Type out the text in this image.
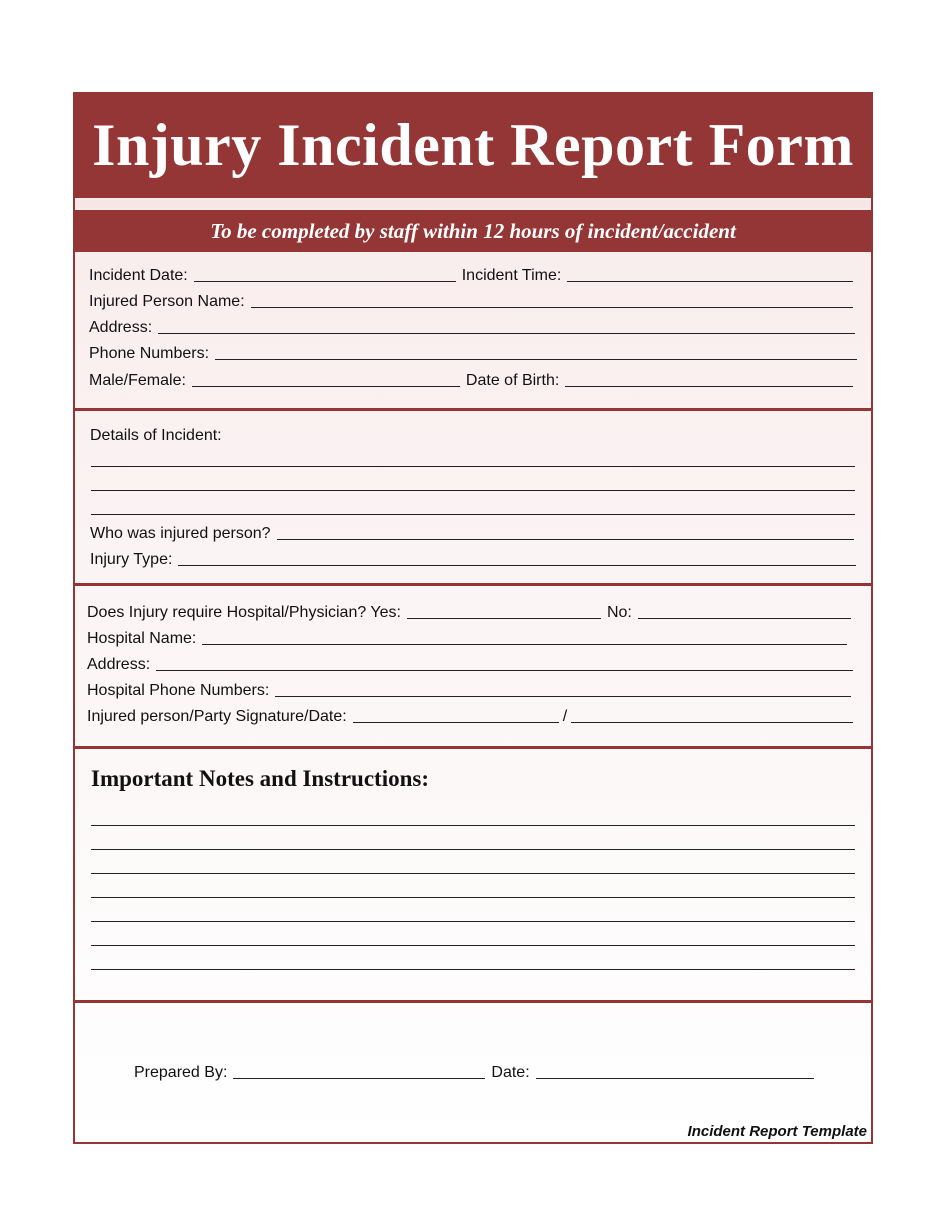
Injury Incident Report Form
To be completed by staff within 12 hours of incident/accident
Incident Date:	Incident Time:
Injured Person Name:
Address:
Phone Numbers:
Male/Female:	Date of Birth:
Details of Incident:
Who was injured person?
Injury Type:
Does Injury require Hospital/Physician? Yes:	No:
Hospital Name:
Address:
Hospital Phone Numbers:
Injured person/Party Signature/Date:	/
Important Notes and Instructions:
Prepared By:	Date:
Incident Report Template
